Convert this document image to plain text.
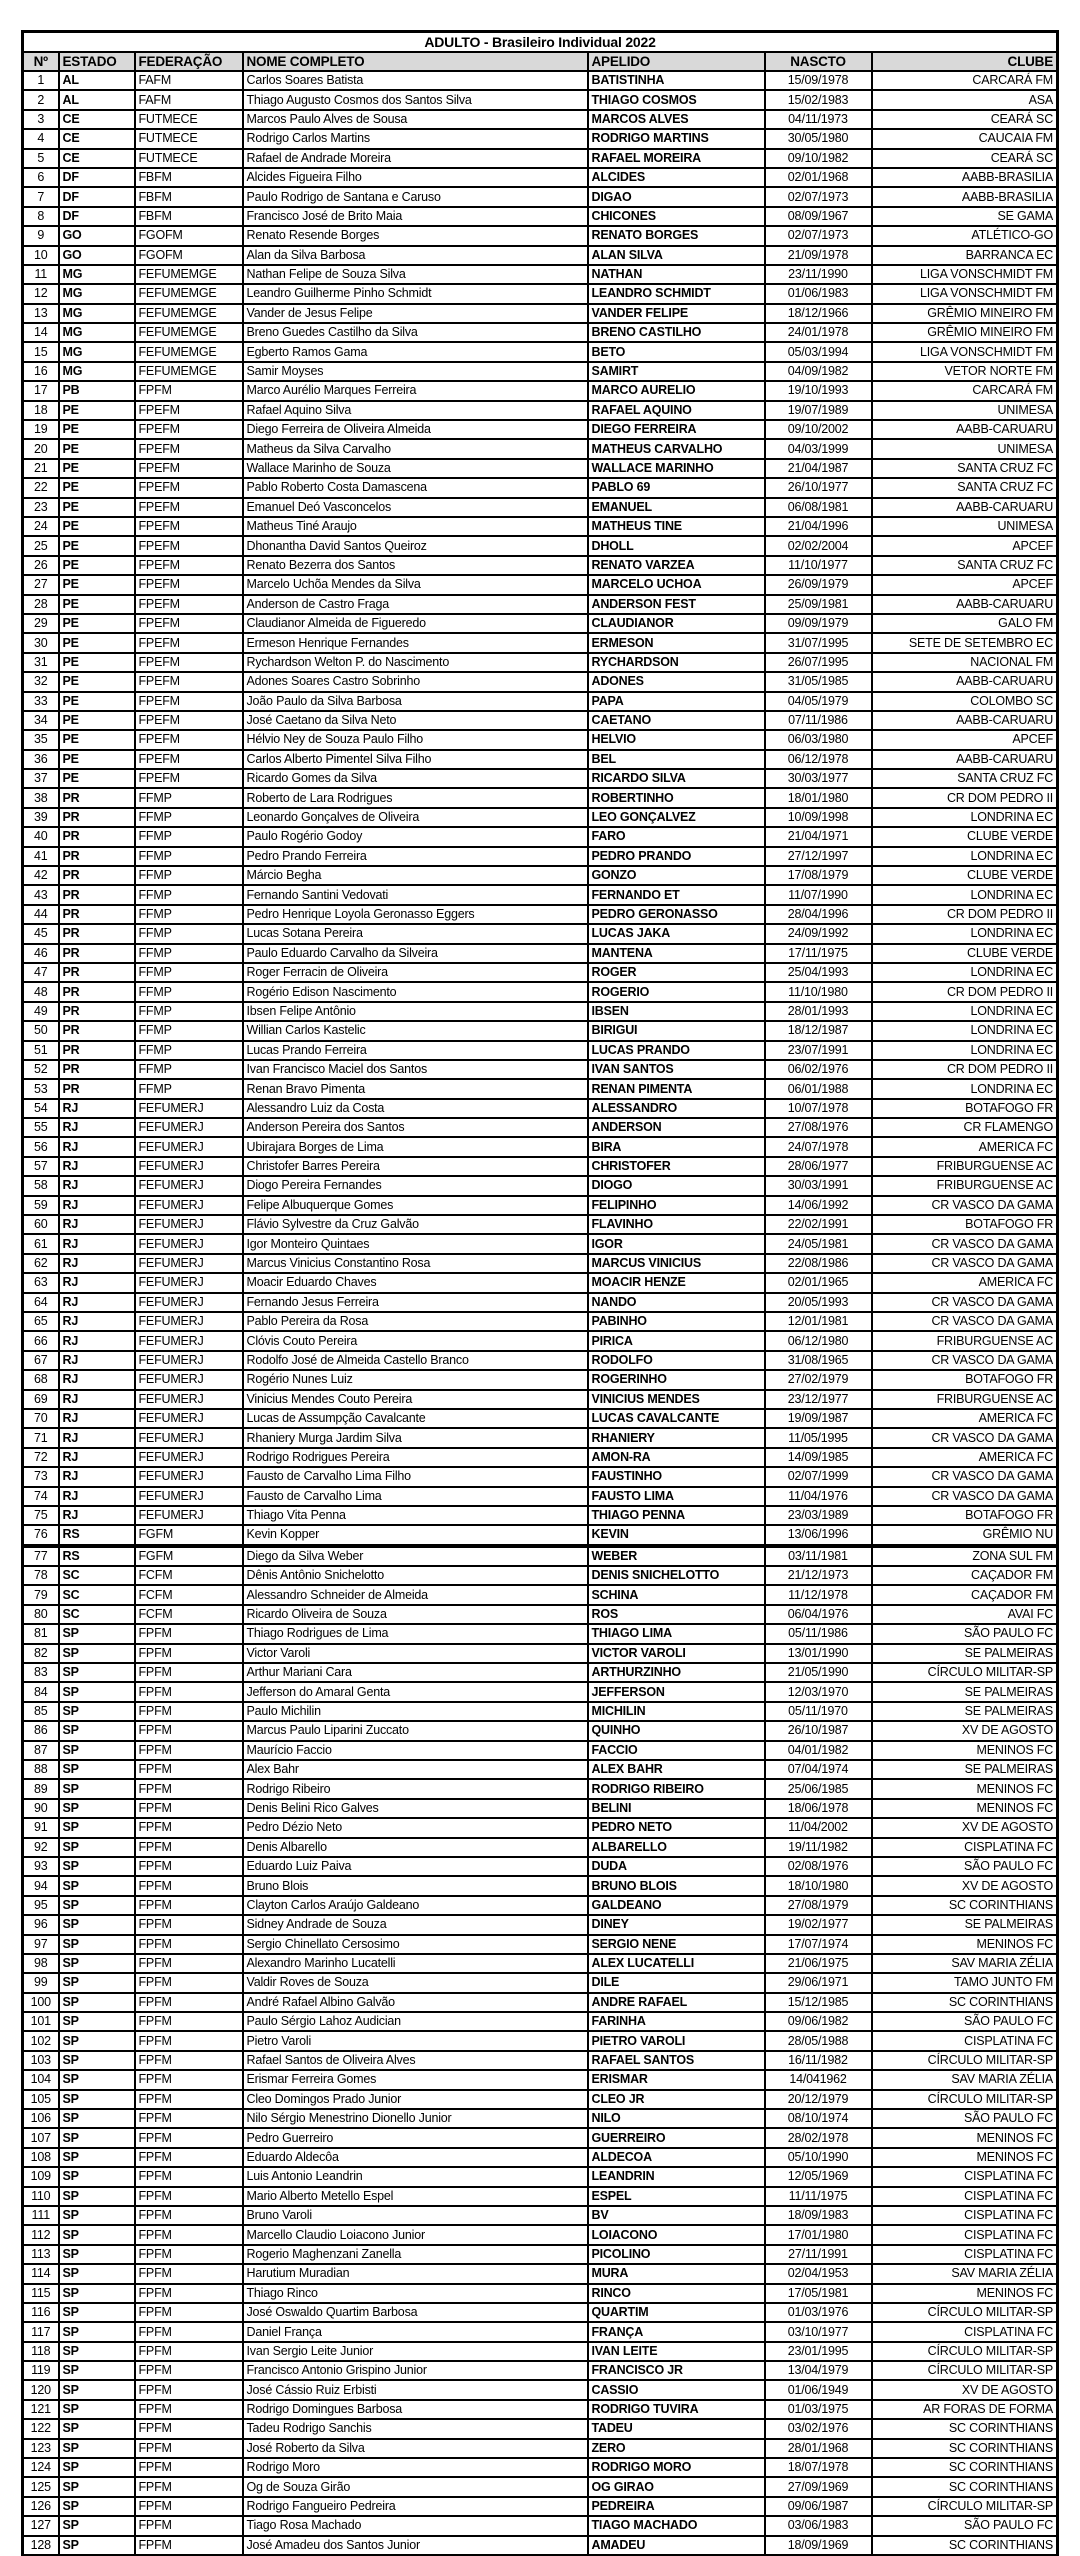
ADULTO - Brasileiro Individual 2022						
Nº	ESTADO	FEDERAÇÃO	NOME COMPLETO	APELIDO	NASCTO	CLUBE
1	AL	FAFM	Carlos Soares Batista	BATISTINHA	15/09/1978	CARCARÁ FM
2	AL	FAFM	Thiago Augusto Cosmos dos Santos Silva	THIAGO COSMOS	15/02/1983	ASA
3	CE	FUTMECE	Marcos Paulo Alves de Sousa	MARCOS ALVES	04/11/1973	CEARÁ SC
4	CE	FUTMECE	Rodrigo Carlos Martins	RODRIGO MARTINS	30/05/1980	CAUCAIA FM
5	CE	FUTMECE	Rafael de Andrade Moreira	RAFAEL MOREIRA	09/10/1982	CEARÁ SC
6	DF	FBFM	Alcides Figueira Filho	ALCIDES	02/01/1968	AABB-BRASILIA
7	DF	FBFM	Paulo Rodrigo de Santana e Caruso	DIGAO	02/07/1973	AABB-BRASILIA
8	DF	FBFM	Francisco José de Brito Maia	CHICONES	08/09/1967	SE GAMA
9	GO	FGOFM	Renato Resende Borges	RENATO BORGES	02/07/1973	ATLÉTICO-GO
10	GO	FGOFM	Alan da Silva Barbosa	ALAN SILVA	21/09/1978	BARRANCA EC
11	MG	FEFUMEMGE	Nathan Felipe de Souza Silva	NATHAN	23/11/1990	LIGA VONSCHMIDT FM
12	MG	FEFUMEMGE	Leandro Guilherme Pinho Schmidt	LEANDRO SCHMIDT	01/06/1983	LIGA VONSCHMIDT FM
13	MG	FEFUMEMGE	Vander de Jesus Felipe	VANDER FELIPE	18/12/1966	GRÊMIO MINEIRO FM
14	MG	FEFUMEMGE	Breno Guedes Castilho da Silva	BRENO CASTILHO	24/01/1978	GRÊMIO MINEIRO FM
15	MG	FEFUMEMGE	Egberto Ramos Gama	BETO	05/03/1994	LIGA VONSCHMIDT FM
16	MG	FEFUMEMGE	Samir Moyses	SAMIRT	04/09/1982	VETOR NORTE FM
17	PB	FPFM	Marco Aurélio Marques Ferreira	MARCO AURELIO	19/10/1993	CARCARÁ FM
18	PE	FPEFM	Rafael Aquino Silva	RAFAEL AQUINO	19/07/1989	UNIMESA
19	PE	FPEFM	Diego Ferreira de Oliveira Almeida	DIEGO FERREIRA	09/10/2002	AABB-CARUARU
20	PE	FPEFM	Matheus da Silva Carvalho	MATHEUS CARVALHO	04/03/1999	UNIMESA
21	PE	FPEFM	Wallace Marinho de Souza	WALLACE MARINHO	21/04/1987	SANTA CRUZ FC
22	PE	FPEFM	Pablo Roberto Costa Damascena	PABLO 69	26/10/1977	SANTA CRUZ FC
23	PE	FPEFM	Emanuel Deó Vasconcelos	EMANUEL	06/08/1981	AABB-CARUARU
24	PE	FPEFM	Matheus Tiné Araujo	MATHEUS TINE	21/04/1996	UNIMESA
25	PE	FPEFM	Dhonantha David Santos Queiroz	DHOLL	02/02/2004	APCEF
26	PE	FPEFM	Renato Bezerra dos Santos	RENATO VARZEA	11/10/1977	SANTA CRUZ FC
27	PE	FPEFM	Marcelo Uchõa Mendes da Silva	MARCELO UCHOA	26/09/1979	APCEF
28	PE	FPEFM	Anderson de Castro Fraga	ANDERSON FEST	25/09/1981	AABB-CARUARU
29	PE	FPEFM	Claudianor Almeida de Figueredo	CLAUDIANOR	09/09/1979	GALO FM
30	PE	FPEFM	Ermeson Henrique Fernandes	ERMESON	31/07/1995	SETE DE SETEMBRO EC
31	PE	FPEFM	Rychardson Welton P. do Nascimento	RYCHARDSON	26/07/1995	NACIONAL FM
32	PE	FPEFM	Adones Soares Castro Sobrinho	ADONES	31/05/1985	AABB-CARUARU
33	PE	FPEFM	João Paulo da Silva Barbosa	PAPA	04/05/1979	COLOMBO SC
34	PE	FPEFM	José Caetano da Silva Neto	CAETANO	07/11/1986	AABB-CARUARU
35	PE	FPEFM	Hélvio Ney de Souza Paulo Filho	HELVIO	06/03/1980	APCEF
36	PE	FPEFM	Carlos Alberto Pimentel Silva Filho	BEL	06/12/1978	AABB-CARUARU
37	PE	FPEFM	Ricardo Gomes da Silva	RICARDO SILVA	30/03/1977	SANTA CRUZ FC
38	PR	FFMP	Roberto de Lara Rodrigues	ROBERTINHO	18/01/1980	CR DOM PEDRO II
39	PR	FFMP	Leonardo Gonçalves de Oliveira	LEO GONÇALVEZ	10/09/1998	LONDRINA EC
40	PR	FFMP	Paulo Rogério Godoy	FARO	21/04/1971	CLUBE VERDE
41	PR	FFMP	Pedro Prando Ferreira	PEDRO PRANDO	27/12/1997	LONDRINA EC
42	PR	FFMP	Márcio Begha	GONZO	17/08/1979	CLUBE VERDE
43	PR	FFMP	Fernando Santini Vedovati	FERNANDO ET	11/07/1990	LONDRINA EC
44	PR	FFMP	Pedro Henrique Loyola Geronasso Eggers	PEDRO GERONASSO	28/04/1996	CR DOM PEDRO II
45	PR	FFMP	Lucas Sotana Pereira	LUCAS JAKA	24/09/1992	LONDRINA EC
46	PR	FFMP	Paulo Eduardo Carvalho da Silveira	MANTENA	17/11/1975	CLUBE VERDE
47	PR	FFMP	Roger Ferracin de Oliveira	ROGER	25/04/1993	LONDRINA EC
48	PR	FFMP	Rogério Edison Nascimento	ROGERIO	11/10/1980	CR DOM PEDRO II
49	PR	FFMP	Ibsen Felipe Antônio	IBSEN	28/01/1993	LONDRINA EC
50	PR	FFMP	Willian Carlos Kastelic	BIRIGUI	18/12/1987	LONDRINA EC
51	PR	FFMP	Lucas Prando Ferreira	LUCAS PRANDO	23/07/1991	LONDRINA EC
52	PR	FFMP	Ivan Francisco Maciel dos Santos	IVAN SANTOS	06/02/1976	CR DOM PEDRO II
53	PR	FFMP	Renan Bravo Pimenta	RENAN PIMENTA	06/01/1988	LONDRINA EC
54	RJ	FEFUMERJ	Alessandro Luiz da Costa	ALESSANDRO	10/07/1978	BOTAFOGO FR
55	RJ	FEFUMERJ	Anderson Pereira dos Santos	ANDERSON	27/08/1976	CR FLAMENGO
56	RJ	FEFUMERJ	Ubirajara Borges de Lima	BIRA	24/07/1978	AMERICA FC
57	RJ	FEFUMERJ	Christofer Barres Pereira	CHRISTOFER	28/06/1977	FRIBURGUENSE AC
58	RJ	FEFUMERJ	Diogo Pereira Fernandes	DIOGO	30/03/1991	FRIBURGUENSE AC
59	RJ	FEFUMERJ	Felipe Albuquerque Gomes	FELIPINHO	14/06/1992	CR VASCO DA GAMA
60	RJ	FEFUMERJ	Flávio Sylvestre da Cruz Galvão	FLAVINHO	22/02/1991	BOTAFOGO FR
61	RJ	FEFUMERJ	Igor Monteiro Quintaes	IGOR	24/05/1981	CR VASCO DA GAMA
62	RJ	FEFUMERJ	Marcus Vinicius Constantino Rosa	MARCUS VINICIUS	22/08/1986	CR VASCO DA GAMA
63	RJ	FEFUMERJ	Moacir Eduardo Chaves	MOACIR HENZE	02/01/1965	AMERICA FC
64	RJ	FEFUMERJ	Fernando Jesus Ferreira	NANDO	20/05/1993	CR VASCO DA GAMA
65	RJ	FEFUMERJ	Pablo Pereira da Rosa	PABINHO	12/01/1981	CR VASCO DA GAMA
66	RJ	FEFUMERJ	Clóvis Couto Pereira	PIRICA	06/12/1980	FRIBURGUENSE AC
67	RJ	FEFUMERJ	Rodolfo José de Almeida Castello Branco	RODOLFO	31/08/1965	CR VASCO DA GAMA
68	RJ	FEFUMERJ	Rogério Nunes Luiz	ROGERINHO	27/02/1979	BOTAFOGO FR
69	RJ	FEFUMERJ	Vinicius Mendes Couto Pereira	VINICIUS MENDES	23/12/1977	FRIBURGUENSE AC
70	RJ	FEFUMERJ	Lucas de Assumpção Cavalcante	LUCAS CAVALCANTE	19/09/1987	AMERICA FC
71	RJ	FEFUMERJ	Rhaniery Murga Jardim Silva	RHANIERY	11/05/1995	CR VASCO DA GAMA
72	RJ	FEFUMERJ	Rodrigo Rodrigues Pereira	AMON-RA	14/09/1985	AMERICA FC
73	RJ	FEFUMERJ	Fausto de Carvalho Lima Filho	FAUSTINHO	02/07/1999	CR VASCO DA GAMA
74	RJ	FEFUMERJ	Fausto de Carvalho Lima	FAUSTO LIMA	11/04/1976	CR VASCO DA GAMA
75	RJ	FEFUMERJ	Thiago Vita Penna	THIAGO PENNA	23/03/1989	BOTAFOGO FR
76	RS	FGFM	Kevin Kopper	KEVIN	13/06/1996	GRÊMIO NU
77	RS	FGFM	Diego da Silva Weber	WEBER	03/11/1981	ZONA SUL FM
78	SC	FCFM	Dênis Antônio Snichelotto	DENIS SNICHELOTTO	21/12/1973	CAÇADOR FM
79	SC	FCFM	Alessandro Schneider de Almeida	SCHINA	11/12/1978	CAÇADOR FM
80	SC	FCFM	Ricardo Oliveira de Souza	ROS	06/04/1976	AVAI FC
81	SP	FPFM	Thiago Rodrigues de Lima	THIAGO LIMA	05/11/1986	SÃO PAULO FC
82	SP	FPFM	Victor Varoli	VICTOR VAROLI	13/01/1990	SE PALMEIRAS
83	SP	FPFM	Arthur Mariani Cara	ARTHURZINHO	21/05/1990	CÍRCULO MILITAR-SP
84	SP	FPFM	Jefferson do Amaral Genta	JEFFERSON	12/03/1970	SE PALMEIRAS
85	SP	FPFM	Paulo Michilin	MICHILIN	05/11/1970	SE PALMEIRAS
86	SP	FPFM	Marcus Paulo Liparini Zuccato	QUINHO	26/10/1987	XV DE AGOSTO
87	SP	FPFM	Maurício Faccio	FACCIO	04/01/1982	MENINOS FC
88	SP	FPFM	Alex Bahr	ALEX BAHR	07/04/1974	SE PALMEIRAS
89	SP	FPFM	Rodrigo Ribeiro	RODRIGO RIBEIRO	25/06/1985	MENINOS FC
90	SP	FPFM	Denis Belini Rico Galves	BELINI	18/06/1978	MENINOS FC
91	SP	FPFM	Pedro Dézio Neto	PEDRO NETO	11/04/2002	XV DE AGOSTO
92	SP	FPFM	Denis Albarello	ALBARELLO	19/11/1982	CISPLATINA FC
93	SP	FPFM	Eduardo Luiz Paiva	DUDA	02/08/1976	SÃO PAULO FC
94	SP	FPFM	Bruno Blois	BRUNO BLOIS	18/10/1980	XV DE AGOSTO
95	SP	FPFM	Clayton Carlos Araújo Galdeano	GALDEANO	27/08/1979	SC CORINTHIANS
96	SP	FPFM	Sidney Andrade de Souza	DINEY	19/02/1977	SE PALMEIRAS
97	SP	FPFM	Sergio Chinellato Cersosimo	SERGIO NENE	17/07/1974	MENINOS FC
98	SP	FPFM	Alexandro Marinho Lucatelli	ALEX LUCATELLI	21/06/1975	SAV MARIA ZÉLIA
99	SP	FPFM	Valdir Roves de Souza	DILE	29/06/1971	TAMO JUNTO FM
100	SP	FPFM	André Rafael Albino Galvão	ANDRE RAFAEL	15/12/1985	SC CORINTHIANS
101	SP	FPFM	Paulo Sérgio Lahoz Audician	FARINHA	09/06/1982	SÃO PAULO FC
102	SP	FPFM	Pietro Varoli	PIETRO VAROLI	28/05/1988	CISPLATINA FC
103	SP	FPFM	Rafael Santos de Oliveira Alves	RAFAEL SANTOS	16/11/1982	CÍRCULO MILITAR-SP
104	SP	FPFM	Erismar Ferreira Gomes	ERISMAR	14/041962	SAV MARIA ZÉLIA
105	SP	FPFM	Cleo Domingos Prado Junior	CLEO JR	20/12/1979	CÍRCULO MILITAR-SP
106	SP	FPFM	Nilo Sérgio Menestrino Dionello Junior	NILO	08/10/1974	SÃO PAULO FC
107	SP	FPFM	Pedro Guerreiro	GUERREIRO	28/02/1978	MENINOS FC
108	SP	FPFM	Eduardo Aldecôa	ALDECOA	05/10/1990	MENINOS FC
109	SP	FPFM	Luis Antonio Leandrin	LEANDRIN	12/05/1969	CISPLATINA FC
110	SP	FPFM	Mario Alberto Metello Espel	ESPEL	11/11/1975	CISPLATINA FC
111	SP	FPFM	Bruno Varoli	BV	18/09/1983	CISPLATINA FC
112	SP	FPFM	Marcello Claudio Loiacono Junior	LOIACONO	17/01/1980	CISPLATINA FC
113	SP	FPFM	Rogerio Maghenzani Zanella	PICOLINO	27/11/1991	CISPLATINA FC
114	SP	FPFM	Harutium Muradian	MURA	02/04/1953	SAV MARIA ZÉLIA
115	SP	FPFM	Thiago Rinco	RINCO	17/05/1981	MENINOS FC
116	SP	FPFM	José Oswaldo Quartim Barbosa	QUARTIM	01/03/1976	CÍRCULO MILITAR-SP
117	SP	FPFM	Daniel França	FRANÇA	03/10/1977	CISPLATINA FC
118	SP	FPFM	Ivan Sergio Leite Junior	IVAN LEITE	23/01/1995	CÍRCULO MILITAR-SP
119	SP	FPFM	Francisco Antonio Grispino Junior	FRANCISCO JR	13/04/1979	CÍRCULO MILITAR-SP
120	SP	FPFM	José Cássio Ruiz Erbisti	CASSIO	01/06/1949	XV DE AGOSTO
121	SP	FPFM	Rodrigo Domingues Barbosa	RODRIGO TUVIRA	01/03/1975	AR FORAS DE FORMA
122	SP	FPFM	Tadeu Rodrigo Sanchis	TADEU	03/02/1976	SC CORINTHIANS
123	SP	FPFM	José Roberto da Silva	ZERO	28/01/1968	SC CORINTHIANS
124	SP	FPFM	Rodrigo Moro	RODRIGO MORO	18/07/1978	SC CORINTHIANS
125	SP	FPFM	Og de Souza Girão	OG GIRAO	27/09/1969	SC CORINTHIANS
126	SP	FPFM	Rodrigo Fangueiro Pedreira	PEDREIRA	09/06/1987	CÍRCULO MILITAR-SP
127	SP	FPFM	Tiago Rosa Machado	TIAGO MACHADO	03/06/1983	SÃO PAULO FC
128	SP	FPFM	José Amadeu dos Santos Junior	AMADEU	18/09/1969	SC CORINTHIANS
